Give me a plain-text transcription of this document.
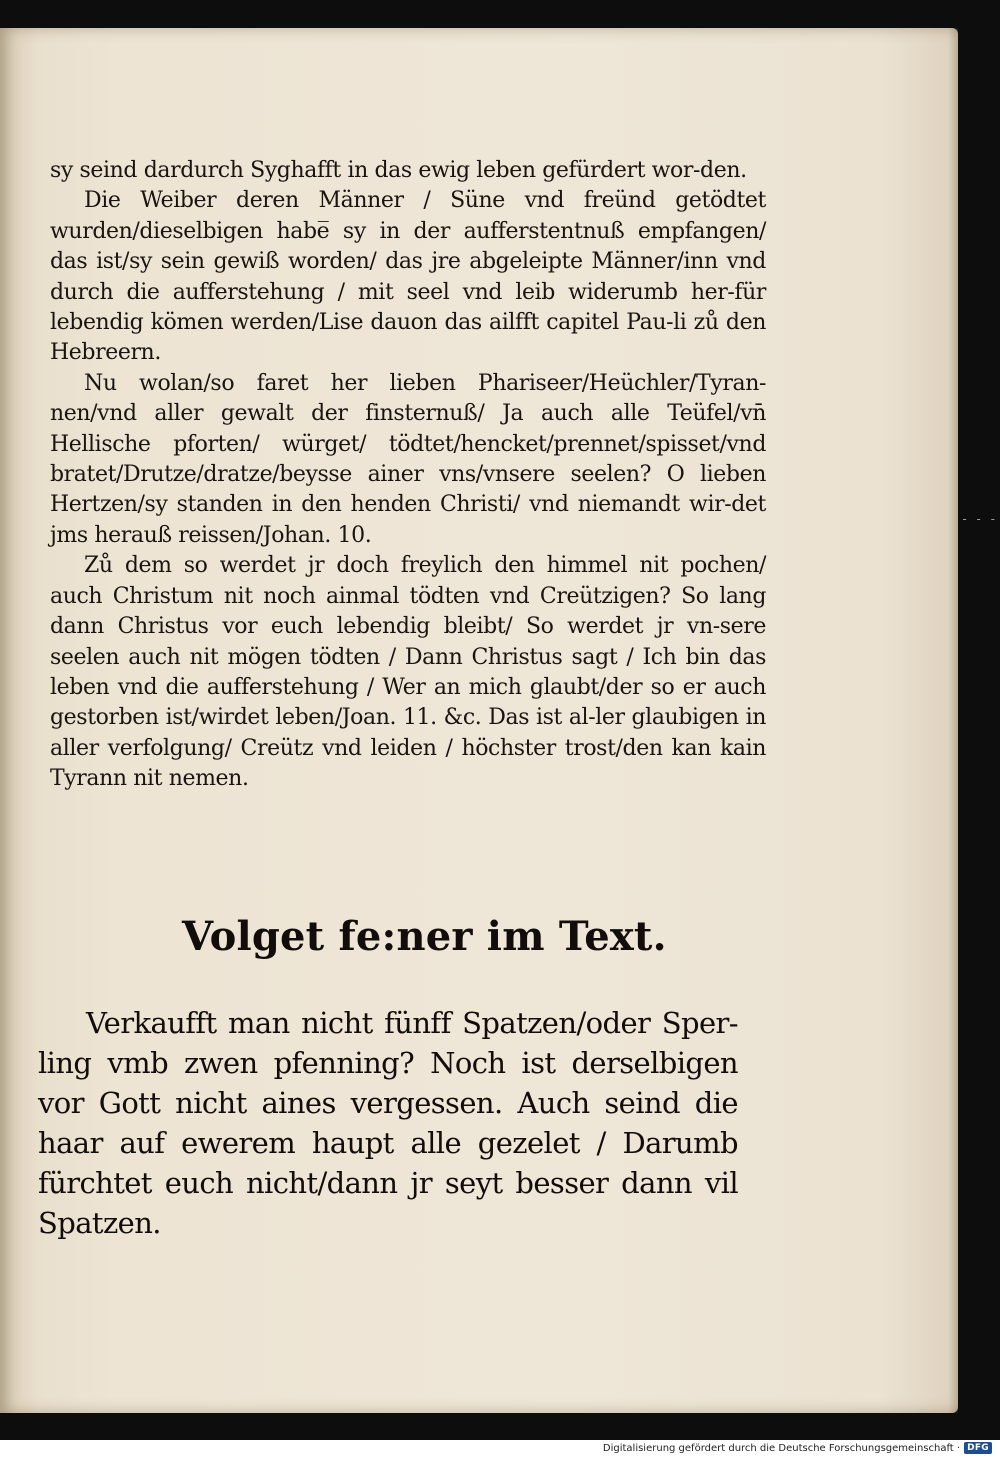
sy seind dardurch Syghafft in das ewig leben gefürdert wor-den.

Die Weiber deren Männer / Süne vnd freünd getödtet wurden/dieselbigen habe̅ sy in der aufferstentnuß empfangen/ das ist/sy sein gewiß worden/ das jre abgeleipte Männer/inn vnd durch die aufferstehung / mit seel vnd leib widerumb her-für lebendig kömen werden/Lise dauon das ailfft capitel Pau-li zů den Hebreern.

Nu wolan/so faret her lieben Phariseer/Heüchler/Tyran-nen/vnd aller gewalt der finsternuß/ Ja auch alle Teüfel/vn̄ Hellische pforten/ würget/ tödtet/hencket/prennet/spisset/vnd bratet/Drutze/dratze/beysse ainer vns/vnsere seelen? O lieben Hertzen/sy standen in den henden Christi/ vnd niemandt wir-det jms herauß reissen/Johan. 10.

Zů dem so werdet jr doch freylich den himmel nit pochen/ auch Christum nit noch ainmal tödten vnd Creützigen? So lang dann Christus vor euch lebendig bleibt/ So werdet jr vn-sere seelen auch nit mögen tödten / Dann Christus sagt / Ich bin das leben vnd die aufferstehung / Wer an mich glaubt/der so er auch gestorben ist/wirdet leben/Joan. 11. &c. Das ist al-ler glaubigen in aller verfolgung/ Creütz vnd leiden / höchster trost/den kan kain Tyrann nit nemen.

Volget fe:ner im Text.

Verkaufft man nicht fünff Spatzen/oder Sper-ling vmb zwen pfenning? Noch ist derselbigen vor Gott nicht aines vergessen. Auch seind die haar auf ewerem haupt alle gezelet / Darumb fürchtet euch nicht/dann jr seyt besser dann vil Spatzen.

- - -
Digitalisierung gefördert durch die Deutsche Forschungsgemeinschaft · DFG
